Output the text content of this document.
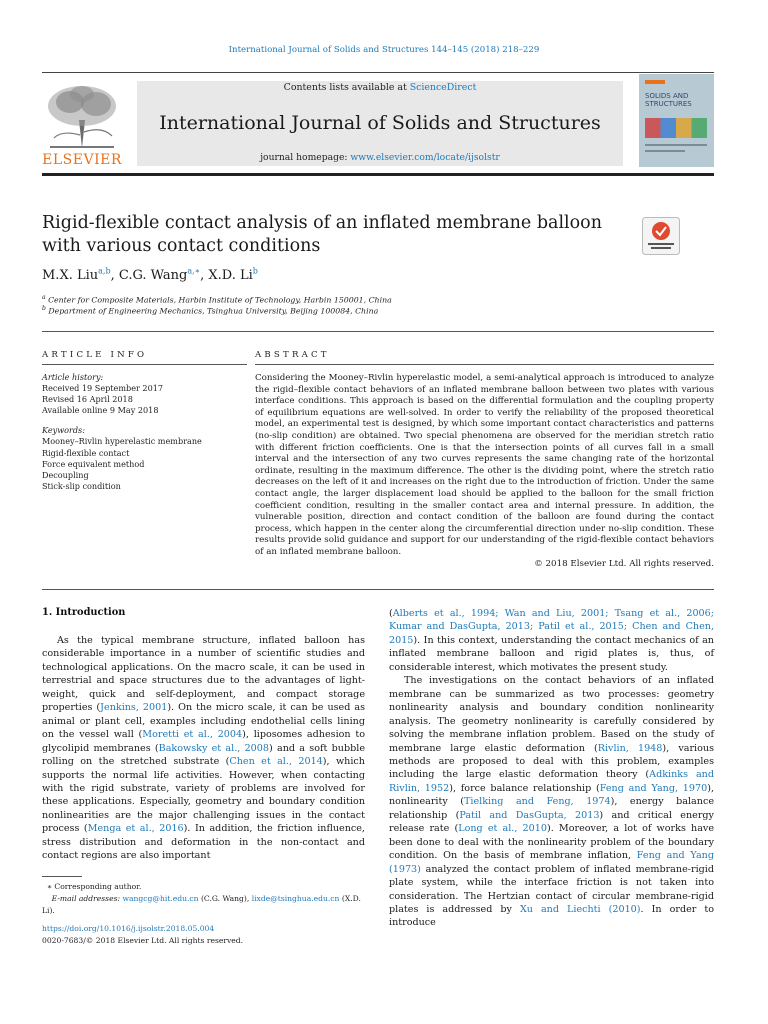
International Journal of Solids and Structures 144–145 (2018) 218–229
ELSEVIER
Contents lists available at ScienceDirect
International Journal of Solids and Structures
journal homepage: www.elsevier.com/locate/ijsolstr
SOLIDS AND
STRUCTURES
Rigid-flexible contact analysis of an inflated membrane balloon with various contact conditions
M.X. Liu$^{a,b}$, C.G. Wang$^{a,∗}$, X.D. Li$^b$
$^a$ Center for Composite Materials, Harbin Institute of Technology, Harbin 150001, China
$^b$ Department of Engineering Mechanics, Tsinghua University, Beijing 100084, China
ARTICLE INFO	ABSTRACT
Article history:
Received 19 September 2017
Revised 16 April 2018
Available online 9 May 2018
Keywords:
Mooney–Rivlin hyperelastic membrane
Rigid-flexible contact
Force equivalent method
Decoupling
Stick-slip condition
Considering the Mooney–Rivlin hyperelastic model, a semi-analytical approach is introduced to analyze the rigid–flexible contact behaviors of an inflated membrane balloon between two plates with various interface conditions. This approach is based on the differential formulation and the coupling property of equilibrium equations are well-solved. In order to verify the reliability of the proposed theoretical model, an experimental test is designed, by which some important contact characteristics and patterns (no-slip condition) are obtained. Two special phenomena are observed for the meridian stretch ratio with different friction coefficients. One is that the intersection points of all curves fall in a small interval and the intersection of any two curves represents the same changing rate of the horizontal ordinate, resulting in the maximum difference. The other is the dividing point, where the stretch ratio decreases on the left of it and increases on the right due to the introduction of friction. Under the same contact angle, the larger displacement load should be applied to the balloon for the small friction coefficient condition, resulting in the smaller contact area and internal pressure. In addition, the vulnerable position, direction and contact condition of the balloon are found during the contact process, which happen in the center along the circumferential direction under no-slip condition. These results provide solid guidance and support for our understanding of the rigid-flexible contact behaviors of an inflated membrane balloon.
© 2018 Elsevier Ltd. All rights reserved.
1. Introduction

As the typical membrane structure, inflated balloon has considerable importance in a number of scientific studies and technological applications. On the macro scale, it can be used in terrestrial and space structures due to the advantages of light-weight, quick and self-deployment, and compact storage properties (Jenkins, 2001). On the micro scale, it can be used as animal or plant cell, examples including endothelial cells lining on the vessel wall (Moretti et al., 2004), liposomes adhesion to glycolipid membranes (Bakowsky et al., 2008) and a soft bubble rolling on the stretched substrate (Chen et al., 2014), which supports the normal life activities. However, when contacting with the rigid substrate, variety of problems are involved for these applications. Especially, geometry and boundary condition nonlinearities are the major challenging issues in the contact process (Menga et al., 2016). In addition, the friction influence, stress distribution and deformation in the non-contact and contact regions are also important

(Alberts et al., 1994; Wan and Liu, 2001; Tsang et al., 2006; Kumar and DasGupta, 2013; Patil et al., 2015; Chen and Chen, 2015). In this context, understanding the contact mechanics of an inflated membrane balloon and rigid plates is, thus, of considerable interest, which motivates the present study.

The investigations on the contact behaviors of an inflated membrane can be summarized as two processes: geometry nonlinearity analysis and boundary condition nonlinearity analysis. The geometry nonlinearity is carefully considered by solving the membrane inflation problem. Based on the study of membrane large elastic deformation (Rivlin, 1948), various methods are proposed to deal with this problem, examples including the large elastic deformation theory (Adkinks and Rivlin, 1952), force balance relationship (Feng and Yang, 1970), nonlinearity (Tielking and Feng, 1974), energy balance relationship (Patil and DasGupta, 2013) and critical energy release rate (Long et al., 2010). Moreover, a lot of works have been done to deal with the nonlinearity problem of the boundary condition. On the basis of membrane inflation, Feng and Yang (1973) analyzed the contact problem of inflated membrane-rigid plate system, while the interface friction is not taken into consideration. The Hertzian contact of circular membrane-rigid plates is addressed by Xu and Liechti (2010). In order to introduce

∗ Corresponding author.
E-mail addresses: wangcg@hit.edu.cn (C.G. Wang), lixde@tsinghua.edu.cn (X.D. Li).
https://doi.org/10.1016/j.ijsolstr.2018.05.004
0020-7683/© 2018 Elsevier Ltd. All rights reserved.
